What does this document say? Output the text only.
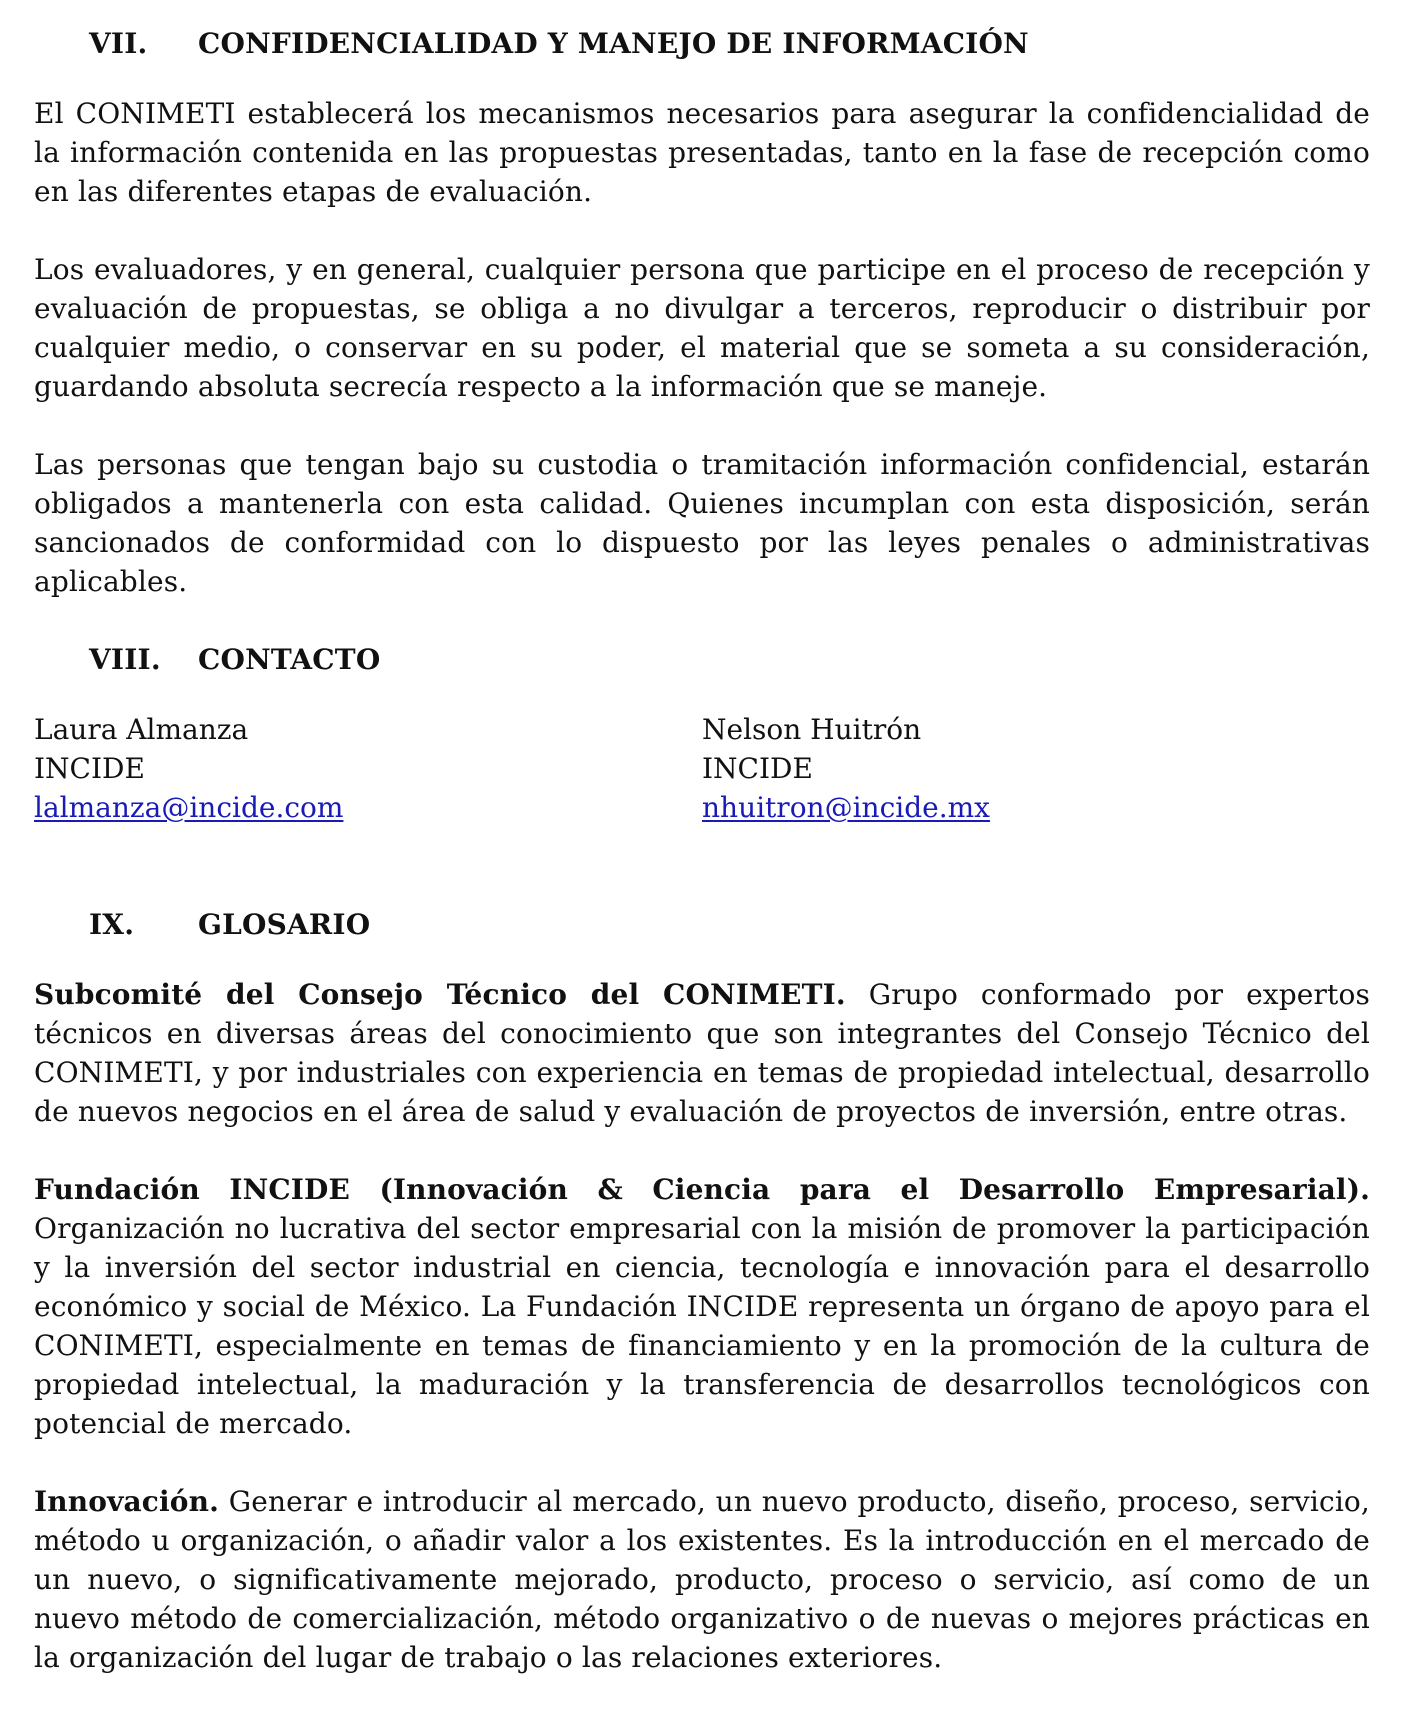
VII.	CONFIDENCIALIDAD Y MANEJO DE INFORMACIÓN

El CONIMETI establecerá los mecanismos necesarios para asegurar la confidencialidad de la información contenida en las propuestas presentadas, tanto en la fase de recepción como en las diferentes etapas de evaluación.

Los evaluadores, y en general, cualquier persona que participe en el proceso de recepción y evaluación de propuestas, se obliga a no divulgar a terceros, reproducir o distribuir por cualquier medio, o conservar en su poder, el material que se someta a su consideración, guardando absoluta secrecía respecto a la información que se maneje.

Las personas que tengan bajo su custodia o tramitación información confidencial, estarán obligados a mantenerla con esta calidad. Quienes incumplan con esta disposición, serán sancionados de conformidad con lo dispuesto por las leyes penales o administrativas aplicables.

VIII.	CONTACTO
Laura Almanza
INCIDE
lalmanza@incide.com
Nelson Huitrón
INCIDE
nhuitron@incide.mx
IX.	GLOSARIO

Subcomité del Consejo Técnico del CONIMETI. Grupo conformado por expertos técnicos en diversas áreas del conocimiento que son integrantes del Consejo Técnico del CONIMETI, y por industriales con experiencia en temas de propiedad intelectual, desarrollo de nuevos negocios en el área de salud y evaluación de proyectos de inversión, entre otras.

Fundación INCIDE (Innovación & Ciencia para el Desarrollo Empresarial). Organización no lucrativa del sector empresarial con la misión de promover la participación y la inversión del sector industrial en ciencia, tecnología e innovación para el desarrollo económico y social de México. La Fundación INCIDE representa un órgano de apoyo para el CONIMETI, especialmente en temas de financiamiento y en la promoción de la cultura de propiedad intelectual, la maduración y la transferencia de desarrollos tecnológicos con potencial de mercado.

Innovación. Generar e introducir al mercado, un nuevo producto, diseño, proceso, servicio, método u organización, o añadir valor a los existentes. Es la introducción en el mercado de un nuevo, o significativamente mejorado, producto, proceso o servicio, así como de un nuevo método de comercialización, método organizativo o de nuevas o mejores prácticas en la organización del lugar de trabajo o las relaciones exteriores.
